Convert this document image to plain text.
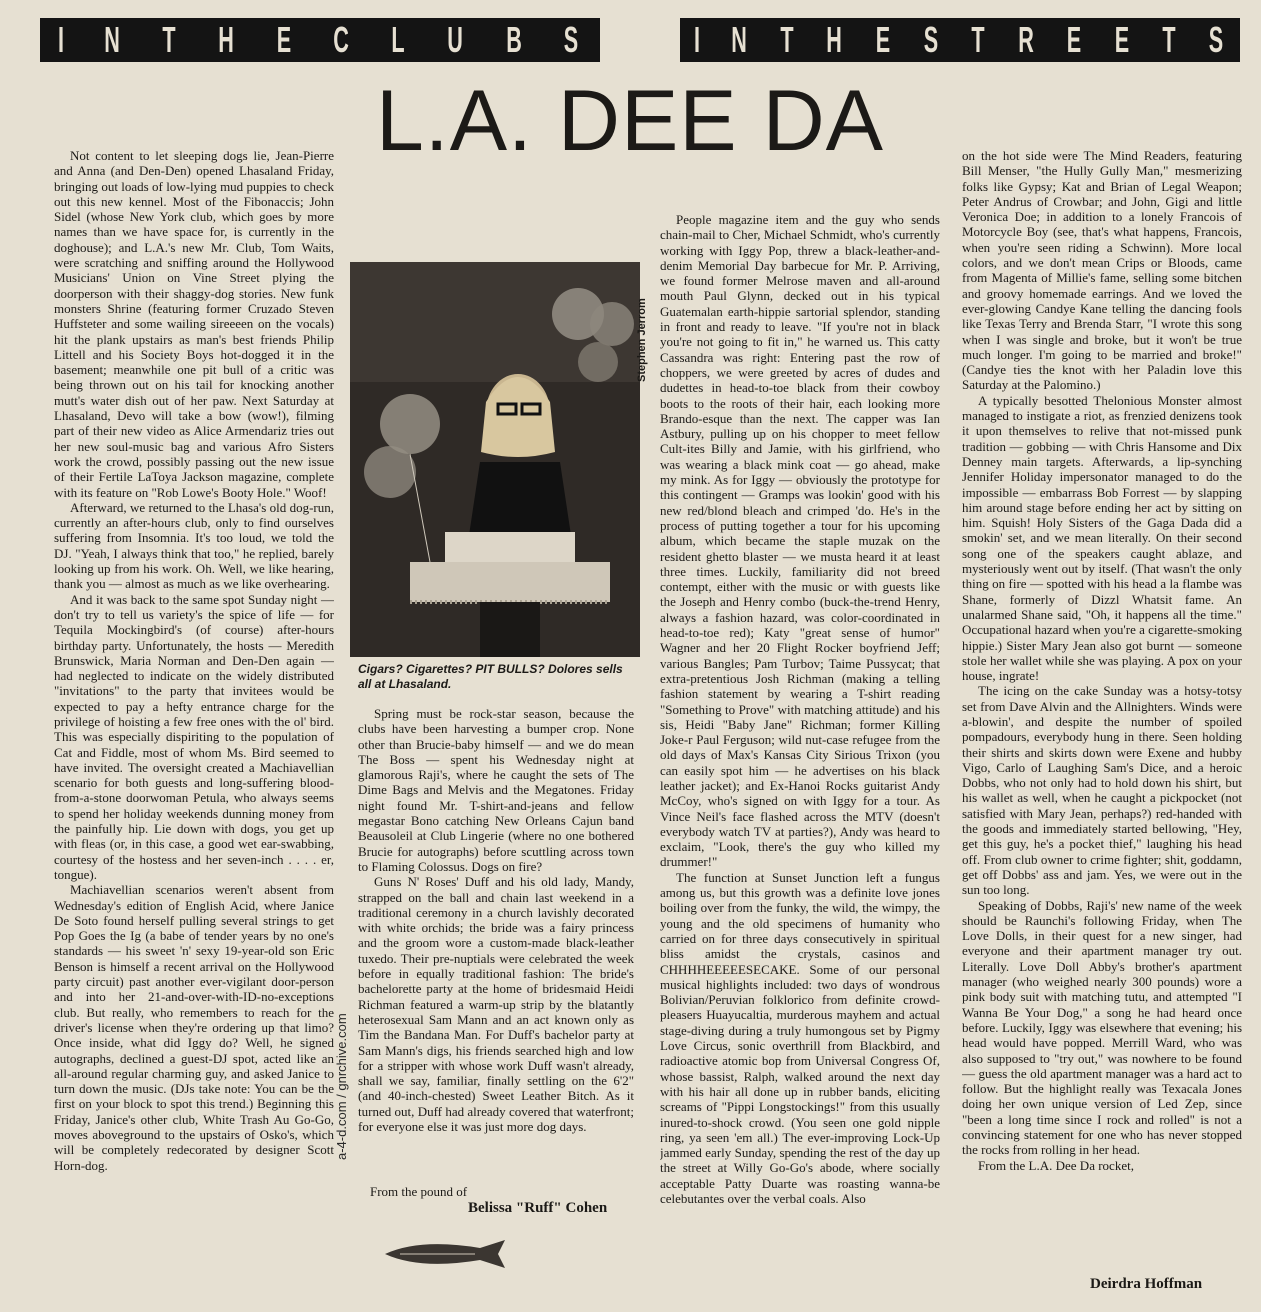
I N T H E C L U B S	I N T H E S T R E E T S
L.A. DEE DA

Not content to let sleeping dogs lie, Jean-Pierre and Anna (and Den-Den) opened Lhasaland Friday, bringing out loads of low-lying mud puppies to check out this new kennel. Most of the Fibonaccis; John Sidel (whose New York club, which goes by more names than we have space for, is currently in the doghouse); and L.A.'s new Mr. Club, Tom Waits, were scratching and sniffing around the Hollywood Musicians' Union on Vine Street plying the doorperson with their shaggy-dog stories. New funk monsters Shrine (featuring former Cruzado Steven Huffsteter and some wailing sireeeen on the vocals) hit the plank upstairs as man's best friends Philip Littell and his Society Boys hot-dogged it in the basement; meanwhile one pit bull of a critic was being thrown out on his tail for knocking another mutt's water dish out of her paw. Next Saturday at Lhasaland, Devo will take a bow (wow!), filming part of their new video as Alice Armendariz tries out her new soul-music bag and various Afro Sisters work the crowd, possibly passing out the new issue of their Fertile LaToya Jackson magazine, complete with its feature on "Rob Lowe's Booty Hole." Woof!

Afterward, we returned to the Lhasa's old dog-run, currently an after-hours club, only to find ourselves suffering from Insomnia. It's too loud, we told the DJ. "Yeah, I always think that too," he replied, barely looking up from his work. Oh. Well, we like hearing, thank you — almost as much as we like overhearing.

And it was back to the same spot Sunday night — don't try to tell us variety's the spice of life — for Tequila Mockingbird's (of course) after-hours birthday party. Unfortunately, the hosts — Meredith Brunswick, Maria Norman and Den-Den again — had neglected to indicate on the widely distributed "invitations" to the party that invitees would be expected to pay a hefty entrance charge for the privilege of hoisting a few free ones with the ol' bird. This was especially dispiriting to the population of Cat and Fiddle, most of whom Ms. Bird seemed to have invited. The oversight created a Machiavellian scenario for both guests and long-suffering blood-from-a-stone doorwoman Petula, who always seems to spend her holiday weekends dunning money from the painfully hip. Lie down with dogs, you get up with fleas (or, in this case, a good wet ear-swabbing, courtesy of the hostess and her seven-inch . . . . er, tongue).

Machiavellian scenarios weren't absent from Wednesday's edition of English Acid, where Janice De Soto found herself pulling several strings to get Pop Goes the Ig (a babe of tender years by no one's standards — his sweet 'n' sexy 19-year-old son Eric Benson is himself a recent arrival on the Hollywood party circuit) past another ever-vigilant door-person and into her 21-and-over-with-ID-no-exceptions club. But really, who remembers to reach for the driver's license when they're ordering up that limo? Once inside, what did Iggy do? Well, he signed autographs, declined a guest-DJ spot, acted like an all-around regular charming guy, and asked Janice to turn down the music. (DJs take note: You can be the first on your block to spot this trend.) Beginning this Friday, Janice's other club, White Trash Au Go-Go, moves aboveground to the upstairs of Osko's, which will be completely redecorated by designer Scott Horn-dog.

Stephen Jerrom
Cigars? Cigarettes? PIT BULLS? Dolores sells all at Lhasaland.

Spring must be rock-star season, because the clubs have been harvesting a bumper crop. None other than Brucie-baby himself — and we do mean The Boss — spent his Wednesday night at glamorous Raji's, where he caught the sets of The Dime Bags and Melvis and the Megatones. Friday night found Mr. T-shirt-and-jeans and fellow megastar Bono catching New Orleans Cajun band Beausoleil at Club Lingerie (where no one bothered Brucie for autographs) before scuttling across town to Flaming Colossus. Dogs on fire?

Guns N' Roses' Duff and his old lady, Mandy, strapped on the ball and chain last weekend in a traditional ceremony in a church lavishly decorated with white orchids; the bride was a fairy princess and the groom wore a custom-made black-leather tuxedo. Their pre-nuptials were celebrated the week before in equally traditional fashion: The bride's bachelorette party at the home of bridesmaid Heidi Richman featured a warm-up strip by the blatantly heterosexual Sam Mann and an act known only as Tim the Bandana Man. For Duff's bachelor party at Sam Mann's digs, his friends searched high and low for a stripper with whose work Duff wasn't already, shall we say, familiar, finally settling on the 6'2" (and 40-inch-chested) Sweet Leather Bitch. As it turned out, Duff had already covered that waterfront; for everyone else it was just more dog days.

From the pound of
Belissa "Ruff" Cohen
a-4-d.com / gnrchive.com

People magazine item and the guy who sends chain-mail to Cher, Michael Schmidt, who's currently working with Iggy Pop, threw a black-leather-and-denim Memorial Day barbecue for Mr. P. Arriving, we found former Melrose maven and all-around mouth Paul Glynn, decked out in his typical Guatemalan earth-hippie sartorial splendor, standing in front and ready to leave. "If you're not in black you're not going to fit in," he warned us. This catty Cassandra was right: Entering past the row of choppers, we were greeted by acres of dudes and dudettes in head-to-toe black from their cowboy boots to the roots of their hair, each looking more Brando-esque than the next. The capper was Ian Astbury, pulling up on his chopper to meet fellow Cult-ites Billy and Jamie, with his girlfriend, who was wearing a black mink coat — go ahead, make my mink. As for Iggy — obviously the prototype for this contingent — Gramps was lookin' good with his new red/blond bleach and crimped 'do. He's in the process of putting together a tour for his upcoming album, which became the staple muzak on the resident ghetto blaster — we musta heard it at least three times. Luckily, familiarity did not breed contempt, either with the music or with guests like the Joseph and Henry combo (buck-the-trend Henry, always a fashion hazard, was color-coordinated in head-to-toe red); Katy "great sense of humor" Wagner and her 20 Flight Rocker boyfriend Jeff; various Bangles; Pam Turbov; Taime Pussycat; that extra-pretentious Josh Richman (making a telling fashion statement by wearing a T-shirt reading "Something to Prove" with matching attitude) and his sis, Heidi "Baby Jane" Richman; former Killing Joke-r Paul Ferguson; wild nut-case refugee from the old days of Max's Kansas City Sirious Trixon (you can easily spot him — he advertises on his black leather jacket); and Ex-Hanoi Rocks guitarist Andy McCoy, who's signed on with Iggy for a tour. As Vince Neil's face flashed across the MTV (doesn't everybody watch TV at parties?), Andy was heard to exclaim, "Look, there's the guy who killed my drummer!"

The function at Sunset Junction left a fungus among us, but this growth was a definite love jones boiling over from the funky, the wild, the wimpy, the young and the old specimens of humanity who carried on for three days consecutively in spiritual bliss amidst the crystals, casinos and CHHHHEEEEESECAKE. Some of our personal musical highlights included: two days of wondrous Bolivian/Peruvian folklorico from definite crowd-pleasers Huayucaltia, murderous mayhem and actual stage-diving during a truly humongous set by Pigmy Love Circus, sonic overthrill from Blackbird, and radioactive atomic bop from Universal Congress Of, whose bassist, Ralph, walked around the next day with his hair all done up in rubber bands, eliciting screams of "Pippi Longstockings!" from this usually inured-to-shock crowd. (You seen one gold nipple ring, ya seen 'em all.) The ever-improving Lock-Up jammed early Sunday, spending the rest of the day up the street at Willy Go-Go's abode, where socially acceptable Patty Duarte was roasting wanna-be celebutantes over the verbal coals. Also

on the hot side were The Mind Readers, featuring Bill Menser, "the Hully Gully Man," mesmerizing folks like Gypsy; Kat and Brian of Legal Weapon; Peter Andrus of Crowbar; and John, Gigi and little Veronica Doe; in addition to a lonely Francois of Motorcycle Boy (see, that's what happens, Francois, when you're seen riding a Schwinn). More local colors, and we don't mean Crips or Bloods, came from Magenta of Millie's fame, selling some bitchen and groovy homemade earrings. And we loved the ever-glowing Candye Kane telling the dancing fools like Texas Terry and Brenda Starr, "I wrote this song when I was single and broke, but it won't be true much longer. I'm going to be married and broke!" (Candye ties the knot with her Paladin love this Saturday at the Palomino.)

A typically besotted Thelonious Monster almost managed to instigate a riot, as frenzied denizens took it upon themselves to relive that not-missed punk tradition — gobbing — with Chris Hansome and Dix Denney main targets. Afterwards, a lip-synching Jennifer Holiday impersonator managed to do the impossible — embarrass Bob Forrest — by slapping him around stage before ending her act by sitting on him. Squish! Holy Sisters of the Gaga Dada did a smokin' set, and we mean literally. On their second song one of the speakers caught ablaze, and mysteriously went out by itself. (That wasn't the only thing on fire — spotted with his head a la flambe was Shane, formerly of Dizzl Whatsit fame. An unalarmed Shane said, "Oh, it happens all the time." Occupational hazard when you're a cigarette-smoking hippie.) Sister Mary Jean also got burnt — someone stole her wallet while she was playing. A pox on your house, ingrate!

The icing on the cake Sunday was a hotsy-totsy set from Dave Alvin and the Allnighters. Winds were a-blowin', and despite the number of spoiled pompadours, everybody hung in there. Seen holding their shirts and skirts down were Exene and hubby Vigo, Carlo of Laughing Sam's Dice, and a heroic Dobbs, who not only had to hold down his shirt, but his wallet as well, when he caught a pickpocket (not satisfied with Mary Jean, perhaps?) red-handed with the goods and immediately started bellowing, "Hey, get this guy, he's a pocket thief," laughing his head off. From club owner to crime fighter; shit, goddamn, get off Dobbs' ass and jam. Yes, we were out in the sun too long.

Speaking of Dobbs, Raji's' new name of the week should be Raunchi's following Friday, when The Love Dolls, in their quest for a new singer, had everyone and their apartment manager try out. Literally. Love Doll Abby's brother's apartment manager (who weighed nearly 300 pounds) wore a pink body suit with matching tutu, and attempted "I Wanna Be Your Dog," a song he had heard once before. Luckily, Iggy was elsewhere that evening; his head would have popped. Merrill Ward, who was also supposed to "try out," was nowhere to be found — guess the old apartment manager was a hard act to follow. But the highlight really was Texacala Jones doing her own unique version of Led Zep, since "been a long time since I rock and rolled" is not a convincing statement for one who has never stopped the rocks from rolling in her head.

From the L.A. Dee Da rocket,

Deirdra Hoffman
